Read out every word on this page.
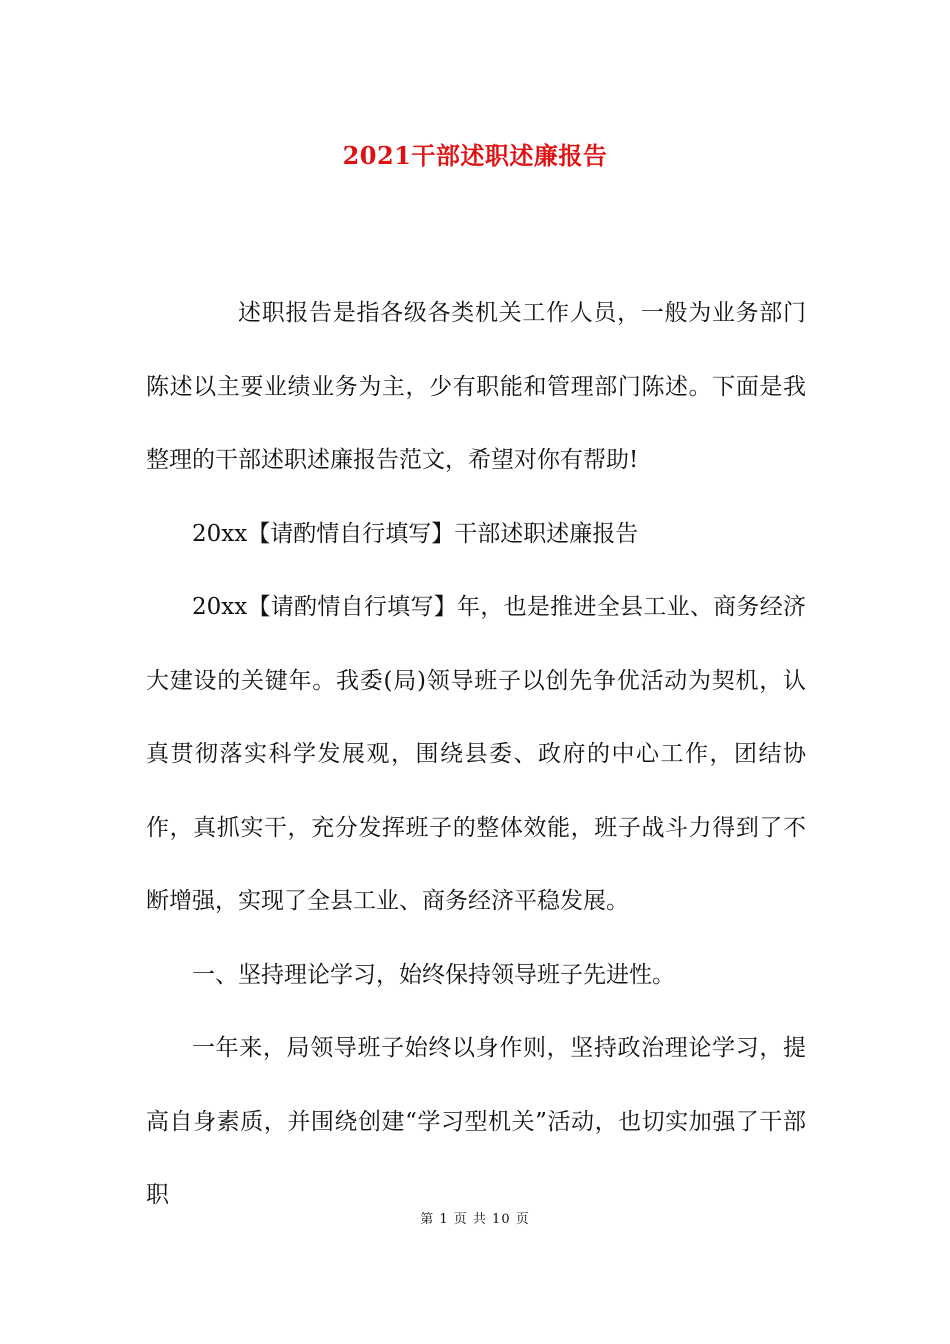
2021干部述职述廉报告

述职报告是指各级各类机关工作人员，一般为业务部门陈述以主要业绩业务为主，少有职能和管理部门陈述。下面是我整理的干部述职述廉报告范文，希望对你有帮助!

20xx【请酌情自行填写】干部述职述廉报告

20xx【请酌情自行填写】年，也是推进全县工业、商务经济大建设的关键年。我委(局)领导班子以创先争优活动为契机，认真贯彻落实科学发展观，围绕县委、政府的中心工作，团结协作，真抓实干，充分发挥班子的整体效能，班子战斗力得到了不断增强，实现了全县工业、商务经济平稳发展。

一、坚持理论学习，始终保持领导班子先进性。

一年来，局领导班子始终以身作则，坚持政治理论学习，提高自身素质，并围绕创建“学习型机关”活动，也切实加强了干部职

第 1 页 共 10 页
